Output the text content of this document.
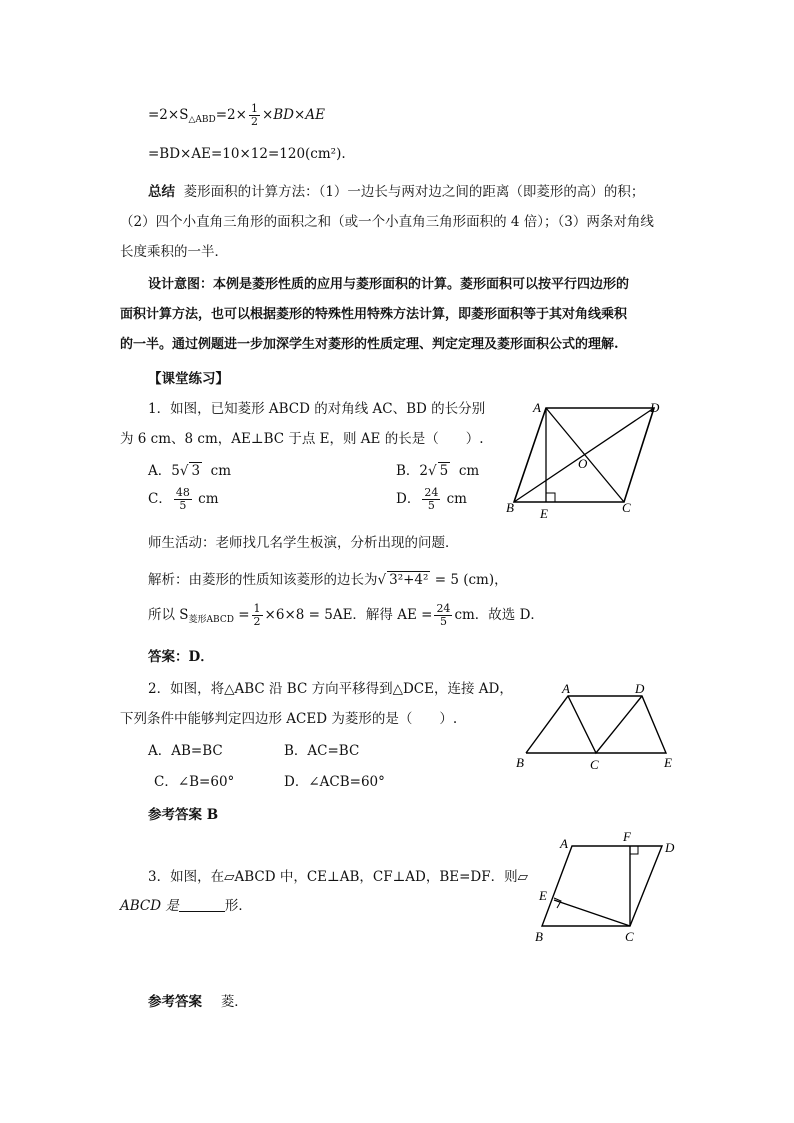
$=2\times S_{\triangle ABD}=2\times \frac{1}{2} \times BD\times AE$
=BD×AE=10×12=120(cm²).
总结 菱形面积的计算方法：（1）一边长与两对边之间的距离（即菱形的高）的积；
（2）四个小直角三角形的面积之和（或一个小直角三角形面积的 4 倍）；（3）两条对角线
长度乘积的一半．
设计意图：本例是菱形性质的应用与菱形面积的计算。菱形面积可以按平行四边形的
面积计算方法，也可以根据菱形的特殊性用特殊方法计算，即菱形面积等于其对角线乘积
的一半。通过例题进一步加深学生对菱形的性质定理、判定定理及菱形面积公式的理解.
【课堂练习】
1．如图，已知菱形 ABCD 的对角线 AC、BD 的长分别
为 6 cm、8 cm，AE⊥BC 于点 E，则 AE 的长是（　　）.
A．5√ 3 cm	B．2√ 5 cm
C． $\frac{48}{5}$ cm	D． $\frac{24}{5}$ cm
师生活动：老师找几名学生板演，分析出现的问题．
解析：由菱形的性质知该菱形的边长为√ 3²+4² = 5 (cm)，
所以 $S_{菱形ABCD} = \frac{1}{2} \times 6\times 8 = 5AE$．解得 AE = $\frac{24}{5}$ cm．故选 D．
答案：D．
A	D
O
B E	C
2．如图，将△ABC 沿 BC 方向平移得到△DCE，连接 AD，
下列条件中能够判定四边形 ACED 为菱形的是（　　）.
A．AB=BC	B．AC=BC
C．∠B=60°	D．∠ACB=60°
参考答案 B
A	D
B	C	E
3．如图，在▱ABCD 中，CE⊥AB，CF⊥AD，BE=DF．则▱
ABCD 是	形．
参考答案 菱．
A	F
D
E
B	C
